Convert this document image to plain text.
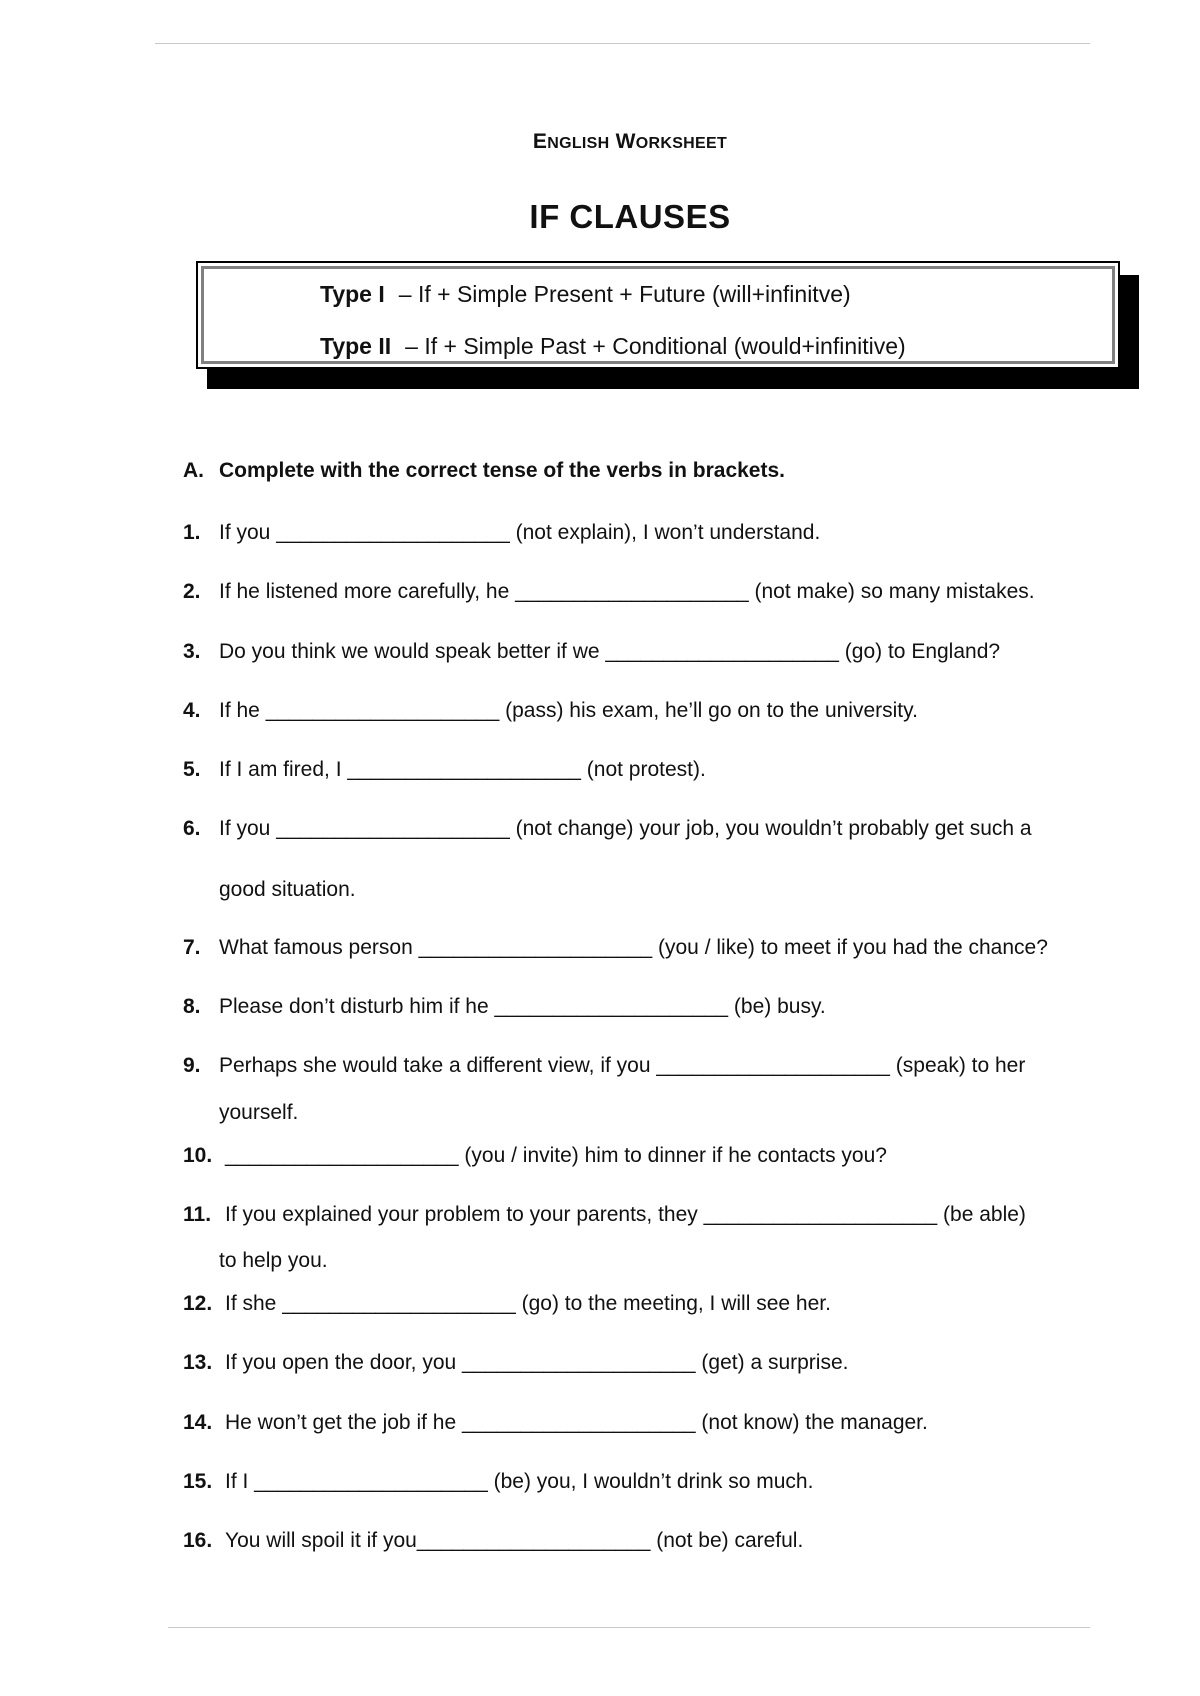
ENGLISH WORKSHEET
IF CLAUSES
Type I – If + Simple Present + Future (will+infinitve)
Type II – If + Simple Past + Conditional (would+infinitive)
A. Complete with the correct tense of the verbs in brackets.
1. If you ____________________ (not explain), I won’t understand.
2. If he listened more carefully, he ____________________ (not make) so many mistakes.
3. Do you think we would speak better if we ____________________ (go) to England?
4. If he ____________________ (pass) his exam, he’ll go on to the university.
5. If I am fired, I ____________________ (not protest).
6. If you ____________________ (not change) your job, you wouldn’t probably get such a
good situation.
7. What famous person ____________________ (you / like) to meet if you had the chance?
8. Please don’t disturb him if he ____________________ (be) busy.
9. Perhaps she would take a different view, if you ____________________ (speak) to her
yourself.
10. ____________________ (you / invite) him to dinner if he contacts you?
11. If you explained your problem to your parents, they ____________________ (be able)
to help you.
12. If she ____________________ (go) to the meeting, I will see her.
13. If you open the door, you ____________________ (get) a surprise.
14. He won’t get the job if he ____________________ (not know) the manager.
15. If I ____________________ (be) you, I wouldn’t drink so much.
16. You will spoil it if you____________________ (not be) careful.
